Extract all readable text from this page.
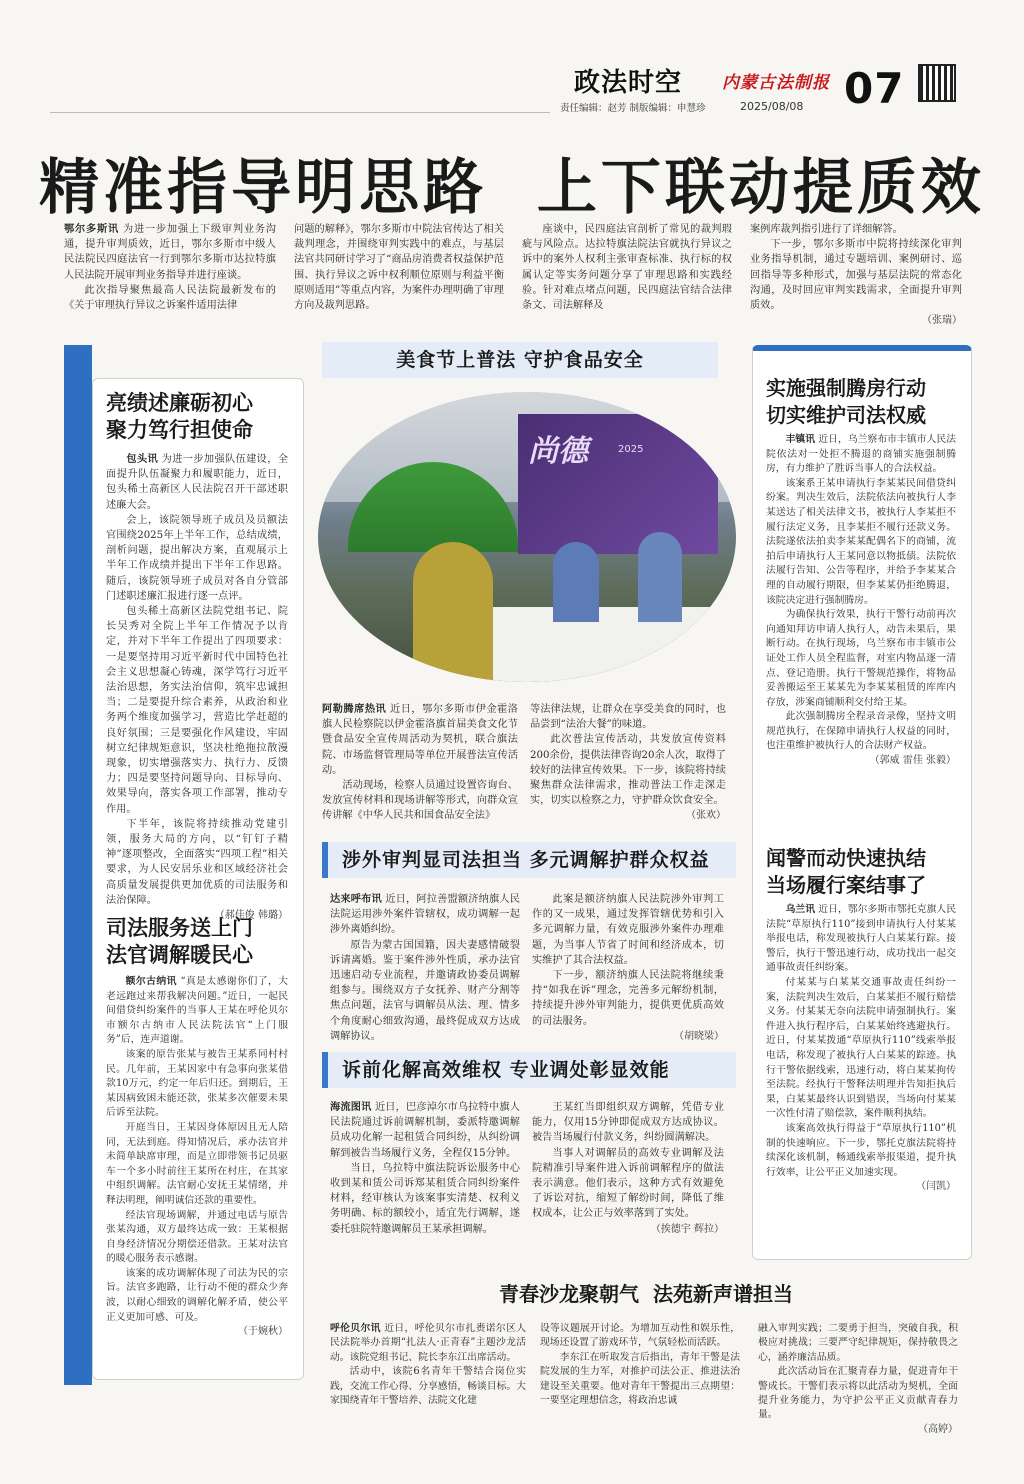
政法时空
责任编辑：赵芳 制版编辑：申慧珍
内蒙古法制报
2025/08/08 07
精准指导明思路  上下联动提质效

鄂尔多斯讯 为进一步加强上下级审判业务沟通，提升审判质效，近日，鄂尔多斯市中级人民法院民四庭法官一行到鄂尔多斯市达拉特旗人民法院开展审判业务指导并进行座谈。

此次指导聚焦最高人民法院最新发布的《关于审理执行异议之诉案件适用法律

问题的解释》，鄂尔多斯市中院法官传达了相关裁判理念，并围绕审判实践中的难点，与基层法官共同研讨学习了“商品房消费者权益保护范围、执行异议之诉中权利顺位原则与利益平衡原则适用”等重点内容，为案件办理明确了审理方向及裁判思路。

座谈中，民四庭法官剖析了常见的裁判瑕疵与风险点。达拉特旗法院法官就执行异议之诉中的案外人权利主张审查标准、执行标的权属认定等实务问题分享了审理思路和实践经验。针对难点堵点问题，民四庭法官结合法律条文、司法解释及

案例库裁判指引进行了详细解答。

下一步，鄂尔多斯市中院将持续深化审判业务指导机制，通过专题培训、案例研讨、巡回指导等多种形式，加强与基层法院的常态化沟通，及时回应审判实践需求，全面提升审判质效。

（张瑞）
亮绩述廉砺初心
聚力笃行担使命

包头讯 为进一步加强队伍建设，全面提升队伍凝聚力和履职能力，近日，包头稀土高新区人民法院召开干部述职述廉大会。

会上，该院领导班子成员及员额法官围绕2025年上半年工作，总结成绩，剖析问题，提出解决方案，直观展示上半年工作成绩并提出下半年工作思路。随后，该院领导班子成员对各自分管部门述职述廉汇报进行逐一点评。

包头稀土高新区法院党组书记、院长吴秀对全院上半年工作情况予以肯定，并对下半年工作提出了四项要求：一是要坚持用习近平新时代中国特色社会主义思想凝心铸魂，深学笃行习近平法治思想，务实法治信仰，筑牢忠诚担当；二是要提升综合素养，从政治和业务两个维度加强学习，营造比学赶超的良好氛围；三是要强化作风建设，牢固树立纪律规矩意识，坚决杜绝拖拉散漫现象，切实增强落实力、执行力、反馈力；四是要坚持问题导向、目标导向、效果导向，落实各项工作部署，推动专作用。

下半年，该院将持续推动党建引领，服务大局的方向，以“钉钉子精神”逐项整改，全面落实“四项工程”相关要求，为人民安居乐业和区域经济社会高质量发展提供更加优质的司法服务和法治保障。

（郝佳俊 韩璐）
司法服务送上门
法官调解暖民心

额尔古纳讯 “真是太感谢你们了，大老远跑过来帮我解决问题。”近日，一起民间借贷纠纷案件的当事人王某在呼伦贝尔市额尔古纳市人民法院法官“上门服务”后，连声道谢。

该案的原告张某与被告王某系同村村民。几年前，王某因家中有急事向张某借款10万元，约定一年后归还。到期后，王某因病致困未能还款，张某多次催要未果后诉至法院。

开庭当日，王某因身体原因且无人陪同，无法到庭。得知情况后，承办法官并未简单缺席审理，而是立即带领书记员驱车一个多小时前往王某所在村庄，在其家中组织调解。法官耐心安抚王某情绪，并释法明理，阐明诚信还款的重要性。

经法官现场调解，并通过电话与原告张某沟通，双方最终达成一致：王某根据自身经济情况分期偿还借款。王某对法官的暖心服务表示感谢。

该案的成功调解体现了司法为民的宗旨。法官多跑路，让行动不便的群众少奔波，以耐心细致的调解化解矛盾，使公平正义更加可感、可及。

（于婉秋）
美食节上普法 守护食品安全
尚德	2025

阿勒腾席热讯 近日，鄂尔多斯市伊金霍洛旗人民检察院以伊金霍洛旗首届美食文化节暨食品安全宣传周活动为契机，联合旗法院、市场监督管理局等单位开展普法宣传活动。

活动现场，检察人员通过设置咨询台、发放宣传材料和现场讲解等形式，向群众宣传讲解《中华人民共和国食品安全法》

等法律法规，让群众在享受美食的同时，也品尝到“法治大餐”的味道。

此次普法宣传活动，共发放宣传资料200余份，提供法律咨询20余人次，取得了较好的法律宣传效果。下一步，该院将持续聚焦群众法律需求，推动普法工作走深走实，切实以检察之力，守护群众饮食安全。

（张欢）
涉外审判显司法担当 多元调解护群众权益

达来呼布讯 近日，阿拉善盟额济纳旗人民法院运用涉外案件管辖权，成功调解一起涉外离婚纠纷。

原告为蒙古国国籍，因夫妻感情破裂诉请离婚。鉴于案件涉外性质，承办法官迅速启动专业流程，并邀请政协委员调解组参与。围绕双方子女抚养、财产分割等焦点问题，法官与调解员从法、理、情多个角度耐心细致沟通，最终促成双方达成调解协议。

此案是额济纳旗人民法院涉外审判工作的又一成果，通过发挥管辖优势和引入多元调解力量，有效克服涉外案件办理难题，为当事人节省了时间和经济成本，切实维护了其合法权益。

下一步，额济纳旗人民法院将继续秉持“如我在诉”理念，完善多元解纷机制，持续提升涉外审判能力，提供更优质高效的司法服务。

（胡晓梁）
诉前化解高效维权 专业调处彰显效能

海流图讯 近日，巴彦淖尔市乌拉特中旗人民法院通过诉前调解机制，委派特邀调解员成功化解一起租赁合同纠纷，从纠纷调解到被告当场履行义务，全程仅15分钟。

当日，乌拉特中旗法院诉讼服务中心收到某和赁公司诉郑某租赁合同纠纷案件材料，经审核认为该案事实清楚、权利义务明确、标的额较小，适宜先行调解，遂委托驻院特邀调解员王某承担调解。

王某红当即组织双方调解，凭借专业能力，仅用15分钟即促成双方达成协议。被告当场履行付款义务，纠纷圆满解决。

当事人对调解员的高效专业调解及法院精准引导案件进入诉前调解程序的做法表示满意。他们表示，这种方式有效避免了诉讼对抗，缩短了解纷时间，降低了维权成本，让公正与效率落到了实处。

（挨德宇 辉拉）
实施强制腾房行动
切实维护司法权威

丰镇讯 近日，乌兰察布市丰镇市人民法院依法对一处拒不腾退的商铺实施强制腾房，有力维护了胜诉当事人的合法权益。

该案系王某申请执行李某某民间借贷纠纷案。判决生效后，法院依法向被执行人李某送达了相关法律文书，被执行人李某拒不履行法定义务，且李某拒不履行还款义务。法院遂依法拍卖李某某配偶名下的商铺，流拍后申请执行人王某同意以物抵债。法院依法履行告知、公告等程序，并给予李某某合理的自动履行期限，但李某某仍拒绝腾退，该院决定进行强制腾房。

为确保执行效果，执行干警行动前再次向通知拜访申请人执行人，动告未果后，果断行动。在执行现场，乌兰察布市丰镇市公证处工作人员全程监督，对室内物品逐一清点、登记造册。执行干警规范操作，将物品妥善搬运至王某某先为李某某租赁的库库内存放，涉案商铺顺利交付给王某。

此次强制腾房全程录音录像，坚持文明规范执行，在保障申请执行人权益的同时，也注重维护被执行人的合法财产权益。

（郭威 雷佳 张毅）
闻警而动快速执结
当场履行案结事了

乌兰讯 近日，鄂尔多斯市鄂托克旗人民法院“草原执行110”接到申请执行人付某某举报电话，称发现被执行人白某某行踪。接警后，执行干警迅速行动，成功找出一起交通事故责任纠纷案。

付某某与白某某交通事故责任纠纷一案，法院判决生效后，白某某拒不履行赔偿义务。付某某无奈向法院申请强制执行。案件进入执行程序后，白某某始终逃避执行。近日，付某某拨通“草原执行110”线索举报电话，称发现了被执行人白某某的踪迹。执行干警依据线索，迅速行动，将白某某拘传至法院。经执行干警释法明理并告知拒执后果，白某某最终认识到错误，当场向付某某一次性付清了赔偿款，案件顺利执结。

该案高效执行得益于“草原执行110”机制的快速响应。下一步，鄂托克旗法院将持续深化该机制，畅通线索举报渠道，提升执行效率，让公平正义加速实现。

（闫凯）
青春沙龙聚朝气  法苑新声谱担当

呼伦贝尔讯 近日，呼伦贝尔市扎赉诺尔区人民法院举办首期“扎法人·正青春”主题沙龙活动。该院党组书记、院长李东江出席活动。

活动中，该院6名青年干警结合岗位实践，交流工作心得、分享感悟，畅谈目标。大家围绕青年干警培养、法院文化建

设等议题展开讨论。为增加互动性和娱乐性，现场还设置了游戏环节，气氛轻松而活跃。

李东江在听取发言后指出，青年干警是法院发展的生力军，对推护司法公正、推进法治建设至关重要。他对青年干警提出三点期望：一要坚定理想信念，将政治忠诚

融入审判实践；二要勇于担当，突破自我，积极应对挑战；三要严守纪律规矩，保持敬畏之心，涵养廉洁品质。

此次活动旨在汇聚青春力量，促进青年干警成长。干警们表示将以此活动为契机，全面提升业务能力，为守护公平正义贡献青春力量。

（高婷）
